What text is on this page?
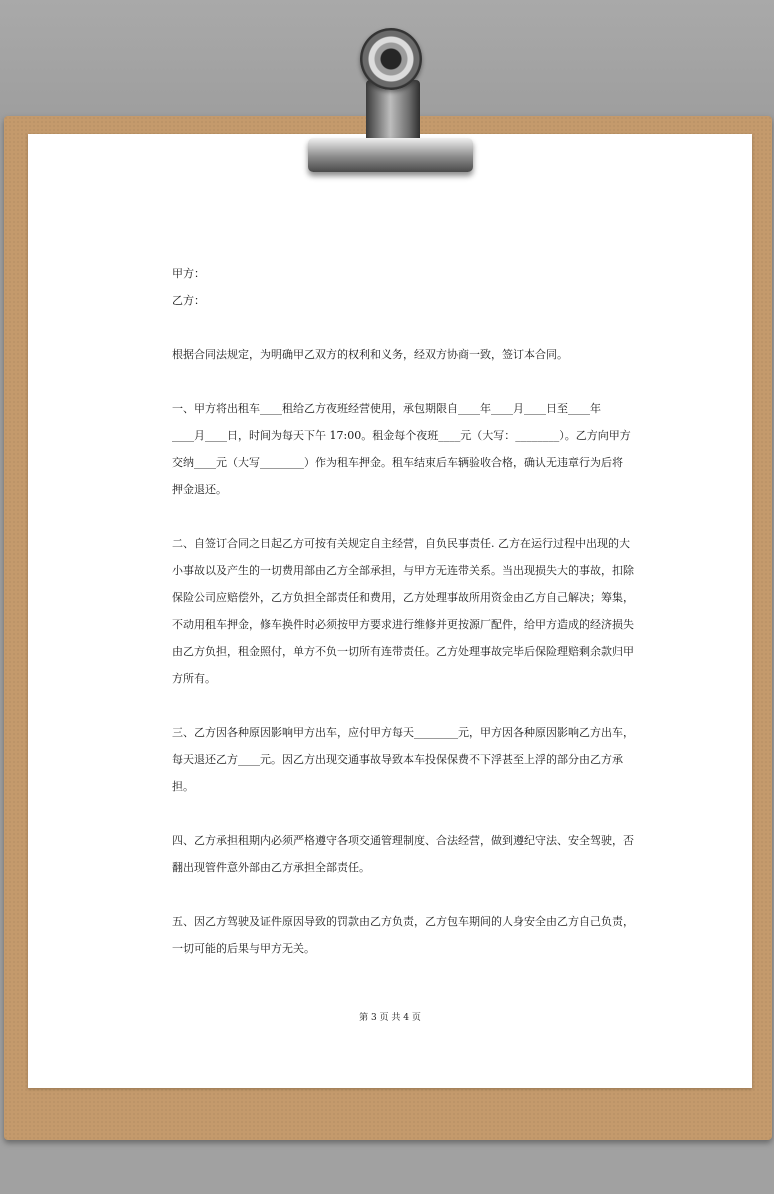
甲方：

乙方：

根据合同法规定，为明确甲乙双方的权利和义务，经双方协商一致，签订本合同。

一、甲方将出租车____租给乙方夜班经营使用，承包期限自____年____月____日至____年

____月____日，时间为每天下午 17:00。租金每个夜班____元（大写：________）。乙方向甲方

交纳____元（大写________）作为租车押金。租车结束后车辆验收合格，确认无违章行为后将

押金退还。

二、自签订合同之日起乙方可按有关规定自主经营，自负民事责任. 乙方在运行过程中出现的大

小事故以及产生的一切费用部由乙方全部承担，与甲方无连带关系。当出现损失大的事故，扣除

保险公司应赔偿外，乙方负担全部责任和费用，乙方处理事故所用资金由乙方自己解决；筹集，

不动用租车押金，修车换件时必须按甲方要求进行维修并更按源厂配件，给甲方造成的经济损失

由乙方负担，租金照付，单方不负一切所有连带责任。乙方处理事故完毕后保险理赔剩余款归甲

方所有。

三、乙方因各种原因影响甲方出车，应付甲方每天________元，甲方因各种原因影响乙方出车，

每天退还乙方____元。因乙方出现交通事故导致本车投保保费不下浮甚至上浮的部分由乙方承

担。

四、乙方承担租期内必须严格遵守各项交通管理制度、合法经营，做到遵纪守法、安全驾驶，否

翻出现管件意外部由乙方承担全部责任。

五、因乙方驾驶及证件原因导致的罚款由乙方负责，乙方包车期间的人身安全由乙方自己负责，

一切可能的后果与甲方无关。

第 3 页 共 4 页
